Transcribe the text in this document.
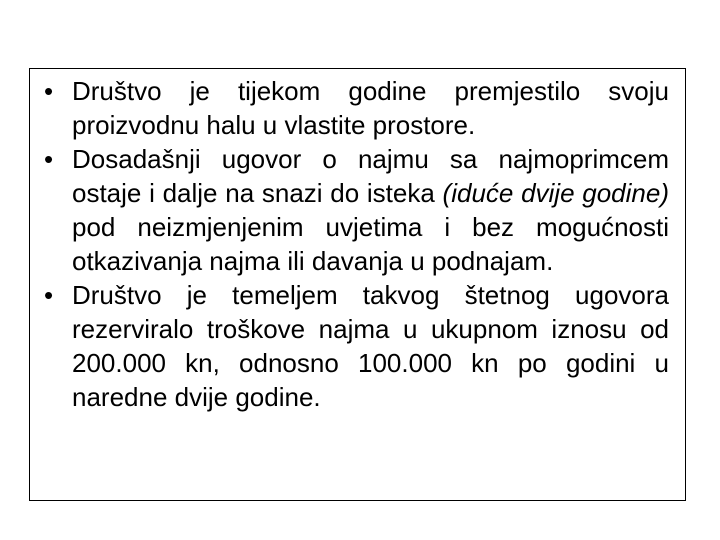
• Društvo je tijekom godine premjestilo svoju proizvodnu halu u vlastite prostore.
• Dosadašnji ugovor o najmu sa najmoprimcem ostaje i dalje na snazi do isteka (iduće dvije godine) pod neizmjenjenim uvjetima i bez mogućnosti otkazivanja najma ili davanja u podnajam.
• Društvo je temeljem takvog štetnog ugovora rezerviralo troškove najma u ukupnom iznosu od 200.000 kn, odnosno 100.000 kn po godini u naredne dvije godine.
